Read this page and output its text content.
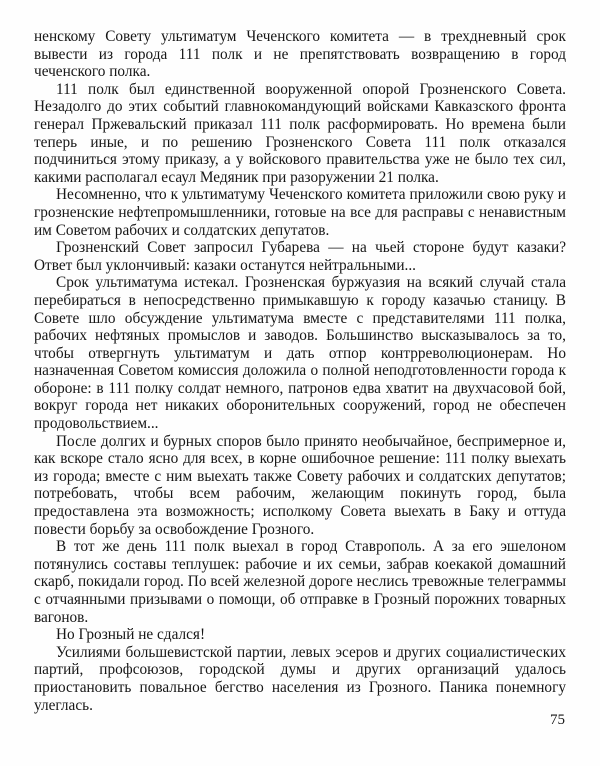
ненскому Совету ультиматум Чеченского комитета — в трехдневный срок вывести из города 111 полк и не препятствовать возвращению в город чеченского полка.

111 полк был единственной вооруженной опорой Грозненского Совета. Незадолго до этих событий главнокомандующий войсками Кавказского фронта генерал Пржевальский приказал 111 полк расформировать. Но времена были теперь иные, и по решению Грозненского Совета 111 полк отказался подчиниться этому приказу, а у войскового правительства уже не было тех сил, какими располагал есаул Медяник при разоружении 21 полка.

Несомненно, что к ультиматуму Чеченского комитета приложили свою руку и грозненские нефтепромышленники, готовые на все для расправы с ненавистным им Советом рабочих и солдатских депутатов.

Грозненский Совет запросил Губарева — на чьей стороне будут казаки? Ответ был уклончивый: казаки останутся нейтральными...

Срок ультиматума истекал. Грозненская буржуазия на всякий случай стала перебираться в непосредственно примыкавшую к городу казачью станицу. В Совете шло обсуждение ультиматума вместе с представителями 111 полка, рабочих нефтяных промыслов и заводов. Большинство высказывалось за то, чтобы отвергнуть ультиматум и дать отпор контрреволюционерам. Но назначенная Советом комиссия доложила о полной неподготовленности города к обороне: в 111 полку солдат немного, патронов едва хватит на двухчасовой бой, вокруг города нет никаких оборонительных сооружений, город не обеспечен продовольствием...

После долгих и бурных споров было принято необычайное, беспримерное и, как вскоре стало ясно для всех, в корне ошибочное решение: 111 полку выехать из города; вместе с ним выехать также Совету рабочих и солдатских депутатов; потребовать, чтобы всем рабочим, желающим покинуть город, была предоставлена эта возможность; исполкому Совета выехать в Баку и оттуда повести борьбу за освобождение Грозного.

В тот же день 111 полк выехал в город Ставрополь. А за его эшелоном потянулись составы теплушек: рабочие и их семьи, забрав коекакой домашний скарб, покидали город. По всей железной дороге неслись тревожные телеграммы с отчаянными призывами о помощи, об отправке в Грозный порожних товарных вагонов.

Но Грозный не сдался!

Усилиями большевистской партии, левых эсеров и других социалистических партий, профсоюзов, городской думы и других организаций удалось приостановить повальное бегство населения из Грозного. Паника понемногу улеглась.

75
